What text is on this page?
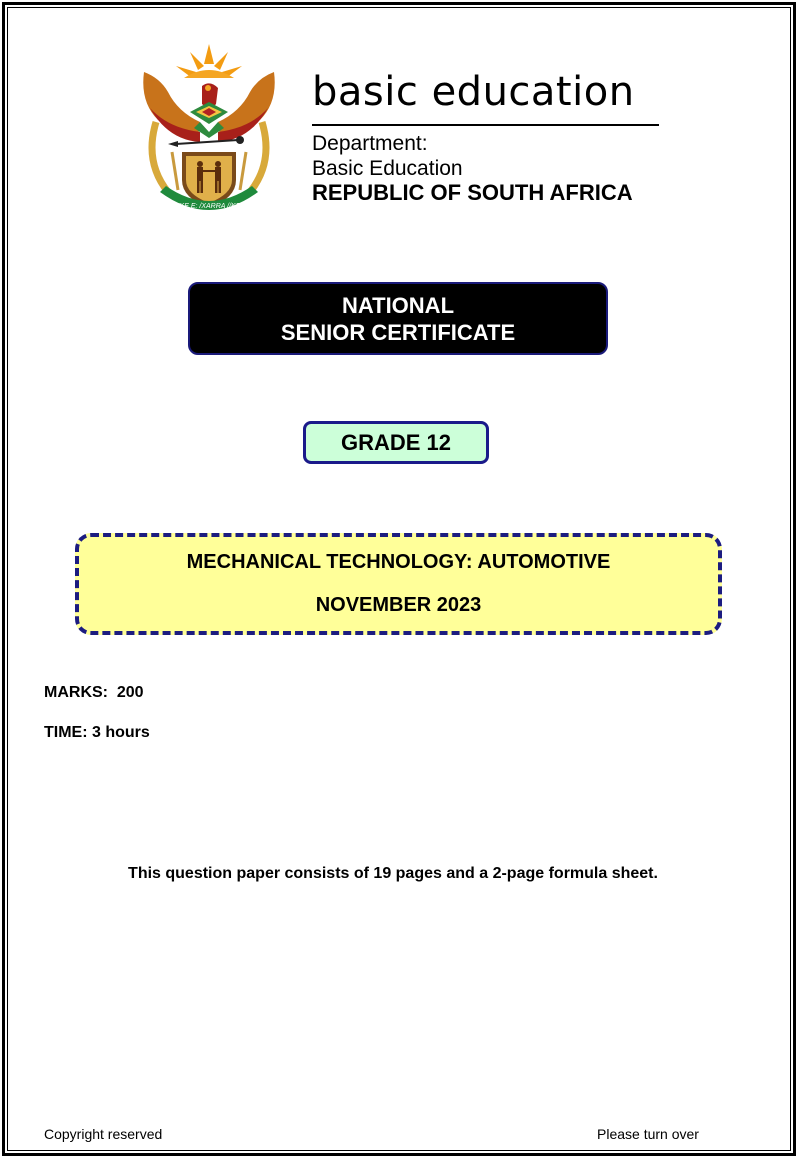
!KE E: /XARRA //KE
basic education
Department:
Basic Education
REPUBLIC OF SOUTH AFRICA
NATIONAL
SENIOR CERTIFICATE
GRADE 12
MECHANICAL TECHNOLOGY: AUTOMOTIVE
NOVEMBER 2023
MARKS:  200
TIME: 3 hours
This question paper consists of 19 pages and a 2-page formula sheet.
Copyright reserved	Please turn over
